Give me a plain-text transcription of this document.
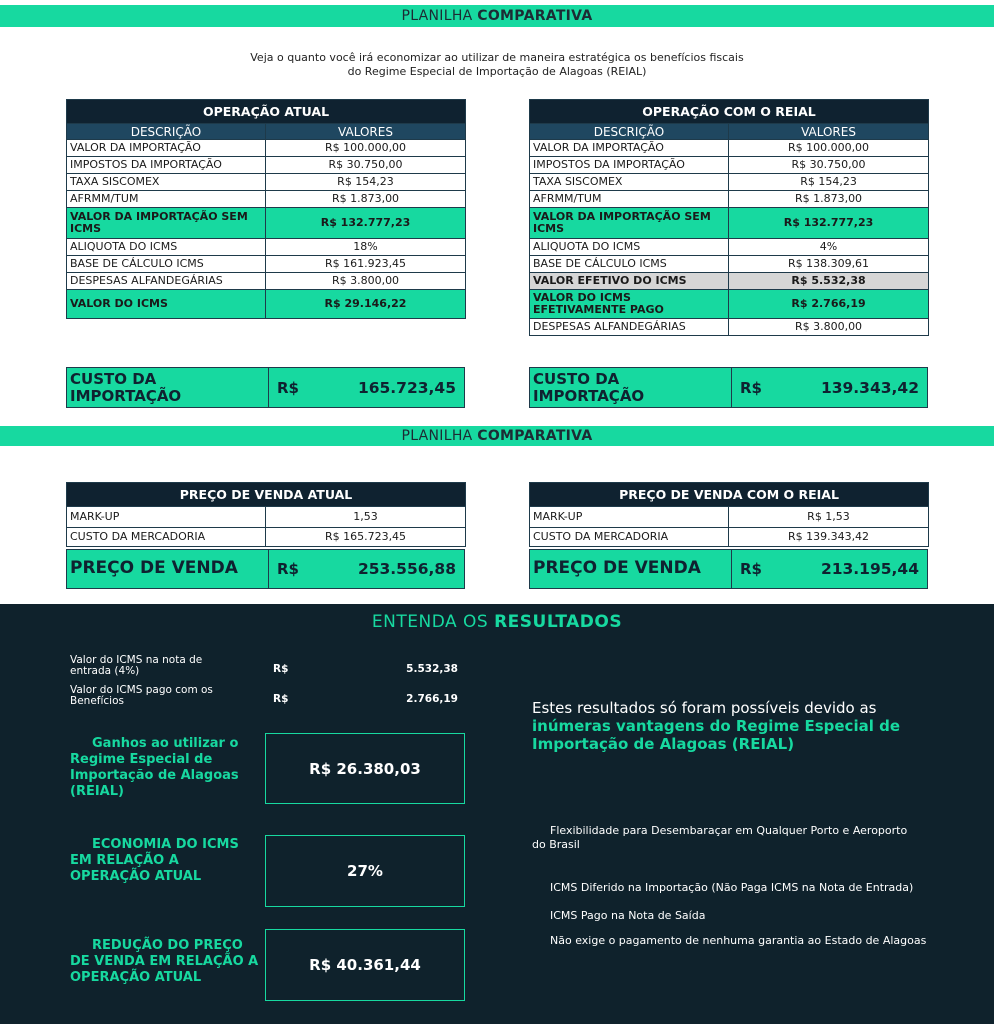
PLANILHA COMPARATIVA
Veja o quanto você irá economizar ao utilizar de maneira estratégica os benefícios fiscais
do Regime Especial de Importação de Alagoas (REIAL)
OPERAÇÃO ATUAL	
DESCRIÇÃO	VALORES
VALOR DA IMPORTAÇÃO	R$ 100.000,00
IMPOSTOS DA IMPORTAÇÃO	R$ 30.750,00
TAXA SISCOMEX	R$ 154,23
AFRMM/TUM	R$ 1.873,00
VALOR DA IMPORTAÇÃO SEM ICMS	R$ 132.777,23
ALIQUOTA DO ICMS	18%
BASE DE CÁLCULO ICMS	R$ 161.923,45
DESPESAS ALFANDEGÁRIAS	R$ 3.800,00
VALOR DO ICMS	R$ 29.146,22
OPERAÇÃO COM O REIAL	
DESCRIÇÃO	VALORES
VALOR DA IMPORTAÇÃO	R$ 100.000,00
IMPOSTOS DA IMPORTAÇÃO	R$ 30.750,00
TAXA SISCOMEX	R$ 154,23
AFRMM/TUM	R$ 1.873,00
VALOR DA IMPORTAÇÃO SEM ICMS	R$ 132.777,23
ALIQUOTA DO ICMS	4%
BASE DE CÁLCULO ICMS	R$ 138.309,61
VALOR EFETIVO DO ICMS	R$ 5.532,38
VALOR DO ICMS EFETIVAMENTE PAGO	R$ 2.766,19
DESPESAS ALFANDEGÁRIAS	R$ 3.800,00
CUSTO DA IMPORTAÇÃO	R$	165.723,45	CUSTO DA IMPORTAÇÃO	R$	139.343,42
PLANILHA COMPARATIVA
PREÇO DE VENDA ATUAL	
MARK-UP	1,53
CUSTO DA MERCADORIA	R$ 165.723,45
PREÇO DE VENDA	R$	253.556,88
PREÇO DE VENDA COM O REIAL	
MARK-UP	R$ 1,53
CUSTO DA MERCADORIA	R$ 139.343,42
PREÇO DE VENDA	R$	213.195,44
ENTENDA OS RESULTADOS
Valor do ICMS na nota de entrada (4%)	R$	5.532,38
Valor do ICMS pago com os Benefícios	R$	2.766,19
Ganhos ao utilizar o Regime Especial de Importação de Alagoas (REIAL)
R$ 26.380,03
ECONOMIA DO ICMS EM RELAÇÃO A OPERAÇÃO ATUAL	27%
REDUÇÃO DO PREÇO DE VENDA EM RELAÇÃO A OPERAÇÃO ATUAL
R$ 40.361,44
Estes resultados só foram possíveis devido as inúmeras vantagens do Regime Especial de Importação de Alagoas (REIAL)
Flexibilidade para Desembaraçar em Qualquer Porto e Aeroporto do Brasil
ICMS Diferido na Importação (Não Paga ICMS na Nota de Entrada)
ICMS Pago na Nota de Saída
Não exige o pagamento de nenhuma garantia ao Estado de Alagoas
